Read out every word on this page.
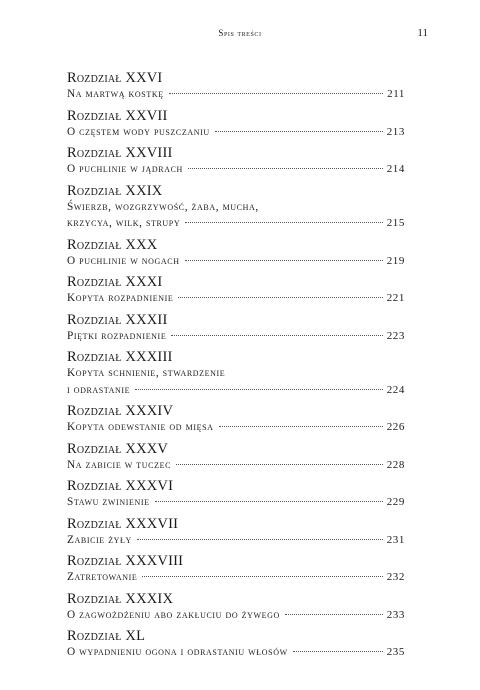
Spis treści	11
Rozdział XXVI
Na martwą kostkę	211
Rozdział XXVII
O częstem wody puszczaniu	213
Rozdział XXVIII
O puchlinie w jądrach	214
Rozdział XXIX
Świerzb, wozgrzywość, żaba, mucha,
krzycya, wilk, strupy	215
Rozdział XXX
O puchlinie w nogach	219
Rozdział XXXI
Kopyta rozpadnienie	221
Rozdział XXXII
Piętki rozpadnienie	223
Rozdział XXXIII
Kopyta schnienie, stwardzenie
i odrastanie	224
Rozdział XXXIV
Kopyta odewstanie od mięsa	226
Rozdział XXXV
Na zabicie w tuczec	228
Rozdział XXXVI
Stawu zwinienie	229
Rozdział XXXVII
Zabicie żyły	231
Rozdział XXXVIII
Zatretowanie	232
Rozdział XXXIX
O zagwożdżeniu abo zakłuciu do żywego	233
Rozdział XL
O wypadnieniu ogona i odrastaniu włosów	235
